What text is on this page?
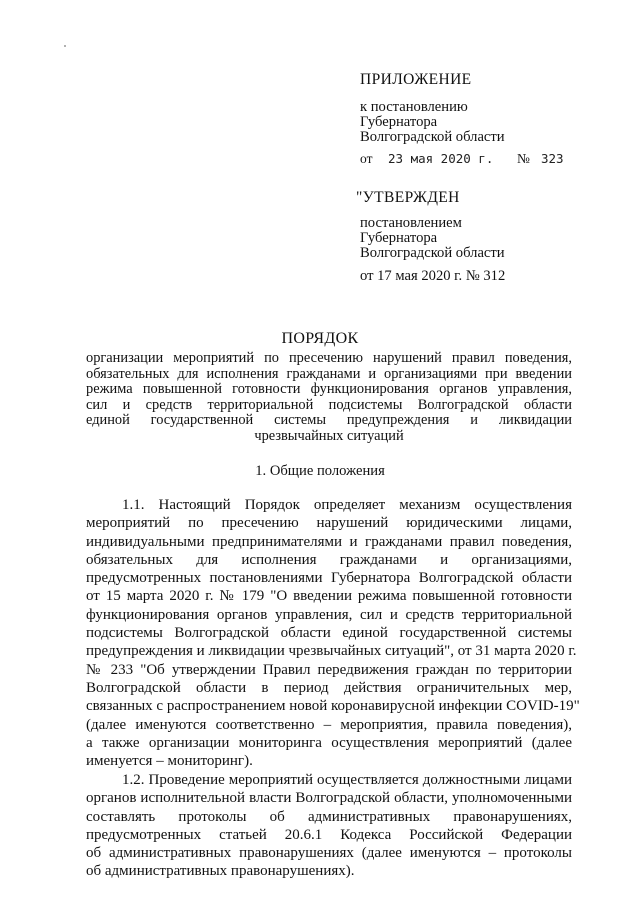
ПРИЛОЖЕНИЕ
к постановлению
Губернатора
Волгоградской области
от 23 мая 2020 г. № 323
"УТВЕРЖДЕН
постановлением
Губернатора
Волгоградской области
от 17 мая 2020 г. № 312
ПОРЯДОК
организации мероприятий по пресечению нарушений правил поведения,
обязательных для исполнения гражданами и организациями при введении
режима повышенной готовности функционирования органов управления,
сил и средств территориальной подсистемы Волгоградской области
единой государственной системы предупреждения и ликвидации
чрезвычайных ситуаций
1. Общие положения
1.1. Настоящий Порядок определяет механизм осуществления
мероприятий по пресечению нарушений юридическими лицами,
индивидуальными предпринимателями и гражданами правил поведения,
обязательных для исполнения гражданами и организациями,
предусмотренных постановлениями Губернатора Волгоградской области
от 15 марта 2020 г. № 179 "О введении режима повышенной готовности
функционирования органов управления, сил и средств территориальной
подсистемы Волгоградской области единой государственной системы
предупреждения и ликвидации чрезвычайных ситуаций", от 31 марта 2020 г.
№ 233 "Об утверждении Правил передвижения граждан по территории
Волгоградской области в период действия ограничительных мер,
связанных с распространением новой коронавирусной инфекции COVID-19"
(далее именуются соответственно – мероприятия, правила поведения),
а также организации мониторинга осуществления мероприятий (далее
именуется – мониторинг).
1.2. Проведение мероприятий осуществляется должностными лицами
органов исполнительной власти Волгоградской области, уполномоченными
составлять протоколы об административных правонарушениях,
предусмотренных статьей 20.6.1 Кодекса Российской Федерации
об административных правонарушениях (далее именуются – протоколы
об административных правонарушениях).
